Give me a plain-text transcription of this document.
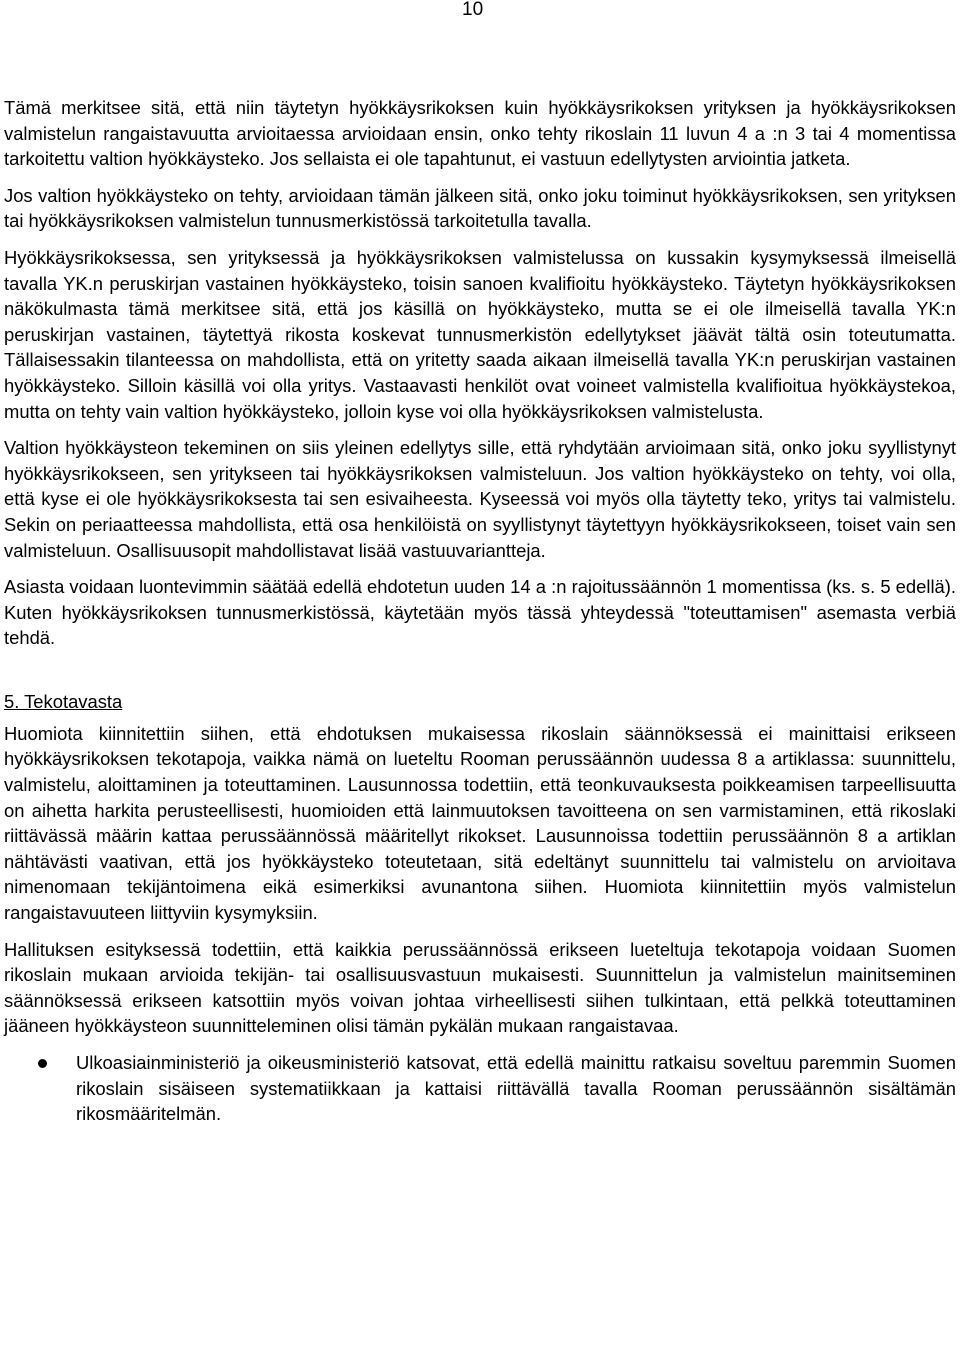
10

Tämä merkitsee sitä, että niin täytetyn hyökkäysrikoksen kuin hyökkäysrikoksen yrityksen ja hyökkäysrikoksen valmistelun rangaistavuutta arvioitaessa arvioidaan ensin, onko tehty rikoslain 11 luvun 4 a :n 3 tai 4 momentissa tarkoitettu valtion hyökkäysteko. Jos sellaista ei ole tapahtunut, ei vastuun edellytysten arviointia jatketa.

Jos valtion hyökkäysteko on tehty, arvioidaan tämän jälkeen sitä, onko joku toiminut hyökkäysrikoksen, sen yrityksen tai hyökkäysrikoksen valmistelun tunnusmerkistössä tarkoitetulla tavalla.

Hyökkäysrikoksessa, sen yrityksessä ja hyökkäysrikoksen valmistelussa on kussakin kysymyksessä ilmeisellä tavalla YK.n peruskirjan vastainen hyökkäysteko, toisin sanoen kvalifioitu hyökkäysteko. Täytetyn hyökkäysrikoksen näkökulmasta tämä merkitsee sitä, että jos käsillä on hyökkäysteko, mutta se ei ole ilmeisellä tavalla YK:n peruskirjan vastainen, täytettyä rikosta koskevat tunnusmerkistön edellytykset jäävät tältä osin toteutumatta. Tällaisessakin tilanteessa on mahdollista, että on yritetty saada aikaan ilmeisellä tavalla YK:n peruskirjan vastainen hyökkäysteko. Silloin käsillä voi olla yritys. Vastaavasti henkilöt ovat voineet valmistella kvalifioitua hyökkäystekoa, mutta on tehty vain valtion hyökkäysteko, jolloin kyse voi olla hyökkäysrikoksen valmistelusta.

Valtion hyökkäysteon tekeminen on siis yleinen edellytys sille, että ryhdytään arvioimaan sitä, onko joku syyllistynyt hyökkäysrikokseen, sen yritykseen tai hyökkäysrikoksen valmisteluun. Jos valtion hyökkäysteko on tehty, voi olla, että kyse ei ole hyökkäysrikoksesta tai sen esivaiheesta. Kyseessä voi myös olla täytetty teko, yritys tai valmistelu. Sekin on periaatteessa mahdollista, että osa henkilöistä on syyllistynyt täytettyyn hyökkäysrikokseen, toiset vain sen valmisteluun. Osallisuusopit mahdollistavat lisää vastuuvariantteja.

Asiasta voidaan luontevimmin säätää edellä ehdotetun uuden 14 a :n rajoitussäännön 1 momentissa (ks. s. 5 edellä). Kuten hyökkäysrikoksen tunnusmerkistössä, käytetään myös tässä yhteydessä "toteuttamisen" asemasta verbiä tehdä.

5. Tekotavasta

Huomiota kiinnitettiin siihen, että ehdotuksen mukaisessa rikoslain säännöksessä ei mainittaisi erikseen hyökkäysrikoksen tekotapoja, vaikka nämä on lueteltu Rooman perussäännön uudessa 8 a artiklassa: suunnittelu, valmistelu, aloittaminen ja toteuttaminen. Lausunnossa todettiin, että teonkuvauksesta poikkeamisen tarpeellisuutta on aihetta harkita perusteellisesti, huomioiden että lainmuutoksen tavoitteena on sen varmistaminen, että rikoslaki riittävässä määrin kattaa perussäännössä määritellyt rikokset. Lausunnoissa todettiin perussäännön 8 a artiklan nähtävästi vaativan, että jos hyökkäysteko toteutetaan, sitä edeltänyt suunnittelu tai valmistelu on arvioitava nimenomaan tekijäntoimena eikä esimerkiksi avunantona siihen. Huomiota kiinnitettiin myös valmistelun rangaistavuuteen liittyviin kysymyksiin.

Hallituksen esityksessä todettiin, että kaikkia perussäännössä erikseen lueteltuja tekotapoja voidaan Suomen rikoslain mukaan arvioida tekijän- tai osallisuusvastuun mukaisesti. Suunnittelun ja valmistelun mainitseminen säännöksessä erikseen katsottiin myös voivan johtaa virheellisesti siihen tulkintaan, että pelkkä toteuttaminen jääneen hyökkäysteon suunnitteleminen olisi tämän pykälän mukaan rangaistavaa.

Ulkoasiainministeriö ja oikeusministeriö katsovat, että edellä mainittu ratkaisu soveltuu paremmin Suomen rikoslain sisäiseen systematiikkaan ja kattaisi riittävällä tavalla Rooman perussäännön sisältämän rikosmääritelmän.
